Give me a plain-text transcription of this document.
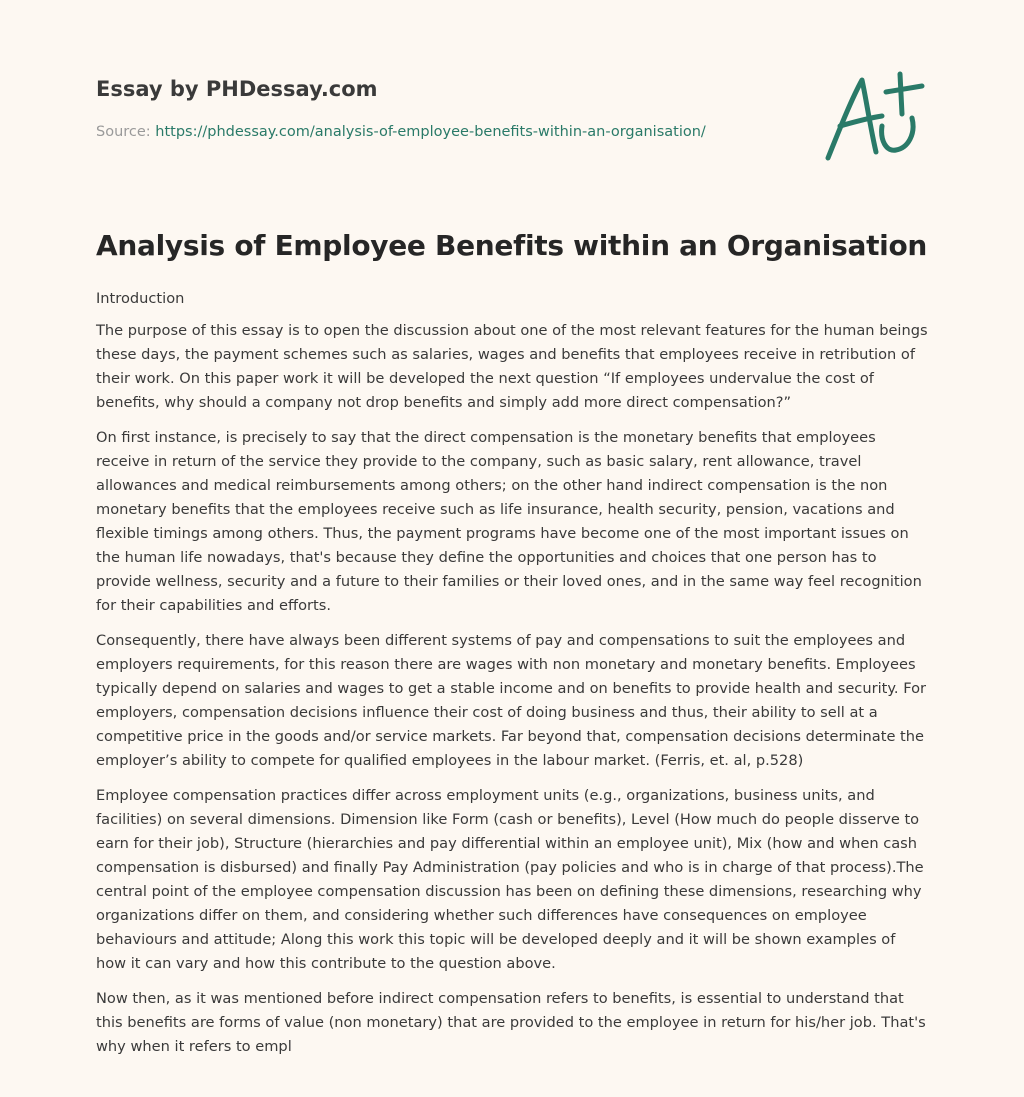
Essay by PHDessay.com
Source: https://phdessay.com/analysis-of-employee-benefits-within-an-organisation/
Analysis of Employee Benefits within an Organisation

Introduction

The purpose of this essay is to open the discussion about one of the most relevant features for the human beings these days, the payment schemes such as salaries, wages and benefits that employees receive in retribution of their work. On this paper work it will be developed the next question “If employees undervalue the cost of benefits, why should a company not drop benefits and simply add more direct compensation?”

On first instance, is precisely to say that the direct compensation is the monetary benefits that employees receive in return of the service they provide to the company, such as basic salary, rent allowance, travel allowances and medical reimbursements among others; on the other hand indirect compensation is the non monetary benefits that the employees receive such as life insurance, health security, pension, vacations and flexible timings among others. Thus, the payment programs have become one of the most important issues on the human life nowadays, that's because they define the opportunities and choices that one person has to provide wellness, security and a future to their families or their loved ones, and in the same way feel recognition for their capabilities and efforts.

Consequently, there have always been different systems of pay and compensations to suit the employees and employers requirements, for this reason there are wages with non monetary and monetary benefits. Employees typically depend on salaries and wages to get a stable income and on benefits to provide health and security. For employers, compensation decisions influence their cost of doing business and thus, their ability to sell at a competitive price in the goods and/or service markets. Far beyond that, compensation decisions determinate the employer’s ability to compete for qualified employees in the labour market. (Ferris, et. al, p.528)

Employee compensation practices differ across employment units (e.g., organizations, business units, and facilities) on several dimensions. Dimension like Form (cash or benefits), Level (How much do people disserve to earn for their job), Structure (hierarchies and pay differential within an employee unit), Mix (how and when cash compensation is disbursed) and finally Pay Administration (pay policies and who is in charge of that process).The central point of the employee compensation discussion has been on defining these dimensions, researching why organizations differ on them, and considering whether such differences have consequences on employee behaviours and attitude; Along this work this topic will be developed deeply and it will be shown examples of how it can vary and how this contribute to the question above.

Now then, as it was mentioned before indirect compensation refers to benefits, is essential to understand that this benefits are forms of value (non monetary) that are provided to the employee in return for his/her job. That's why when it refers to empl
